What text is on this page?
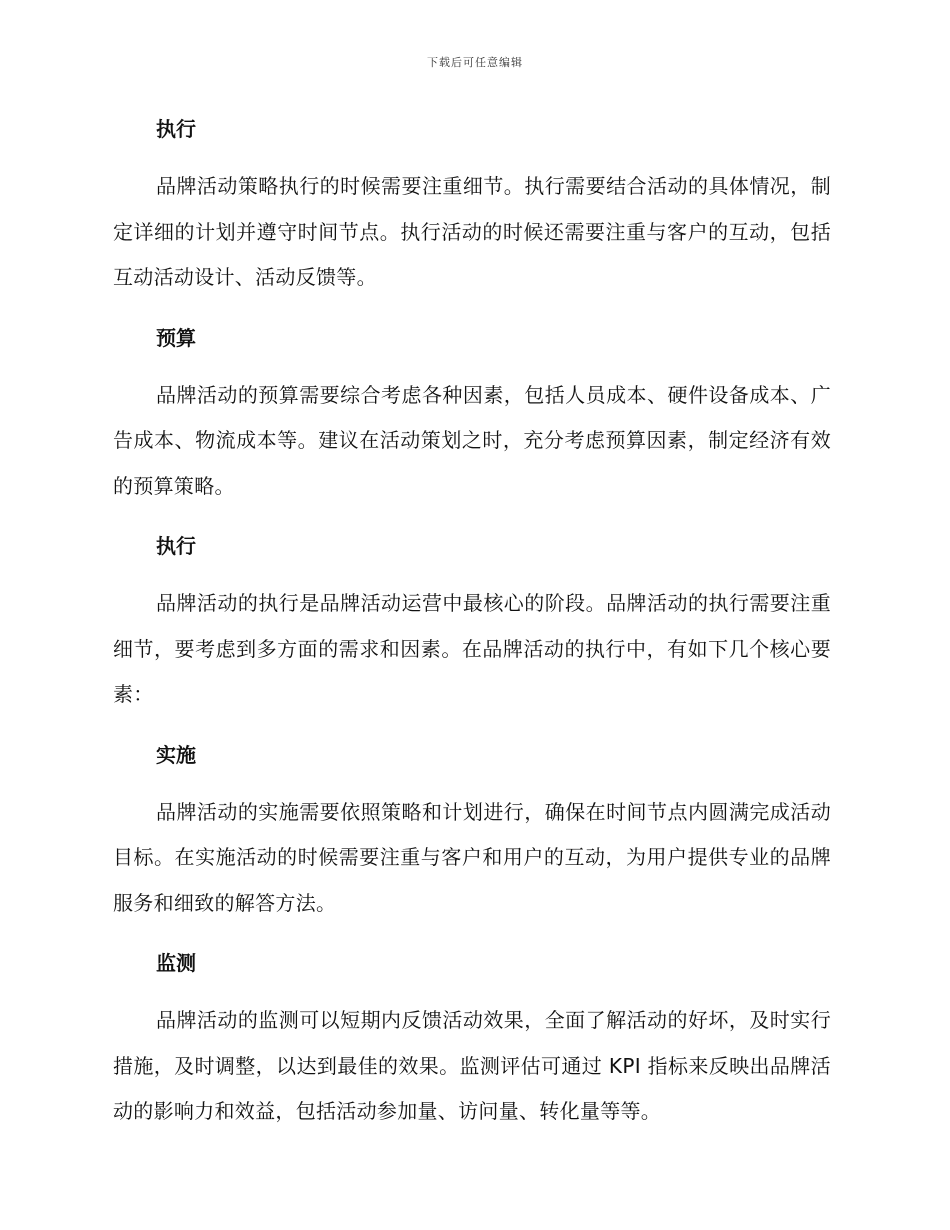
下载后可任意编辑
执行

品牌活动策略执行的时候需要注重细节。执行需要结合活动的具体情况，制定详细的计划并遵守时间节点。执行活动的时候还需要注重与客户的互动，包括互动活动设计、活动反馈等。

预算

品牌活动的预算需要综合考虑各种因素，包括人员成本、硬件设备成本、广告成本、物流成本等。建议在活动策划之时，充分考虑预算因素，制定经济有效的预算策略。

执行

品牌活动的执行是品牌活动运营中最核心的阶段。品牌活动的执行需要注重细节，要考虑到多方面的需求和因素。在品牌活动的执行中，有如下几个核心要素：

实施

品牌活动的实施需要依照策略和计划进行，确保在时间节点内圆满完成活动目标。在实施活动的时候需要注重与客户和用户的互动，为用户提供专业的品牌服务和细致的解答方法。

监测

品牌活动的监测可以短期内反馈活动效果，全面了解活动的好坏，及时实行措施，及时调整，以达到最佳的效果。监测评估可通过 KPI 指标来反映出品牌活动的影响力和效益，包括活动参加量、访问量、转化量等等。
